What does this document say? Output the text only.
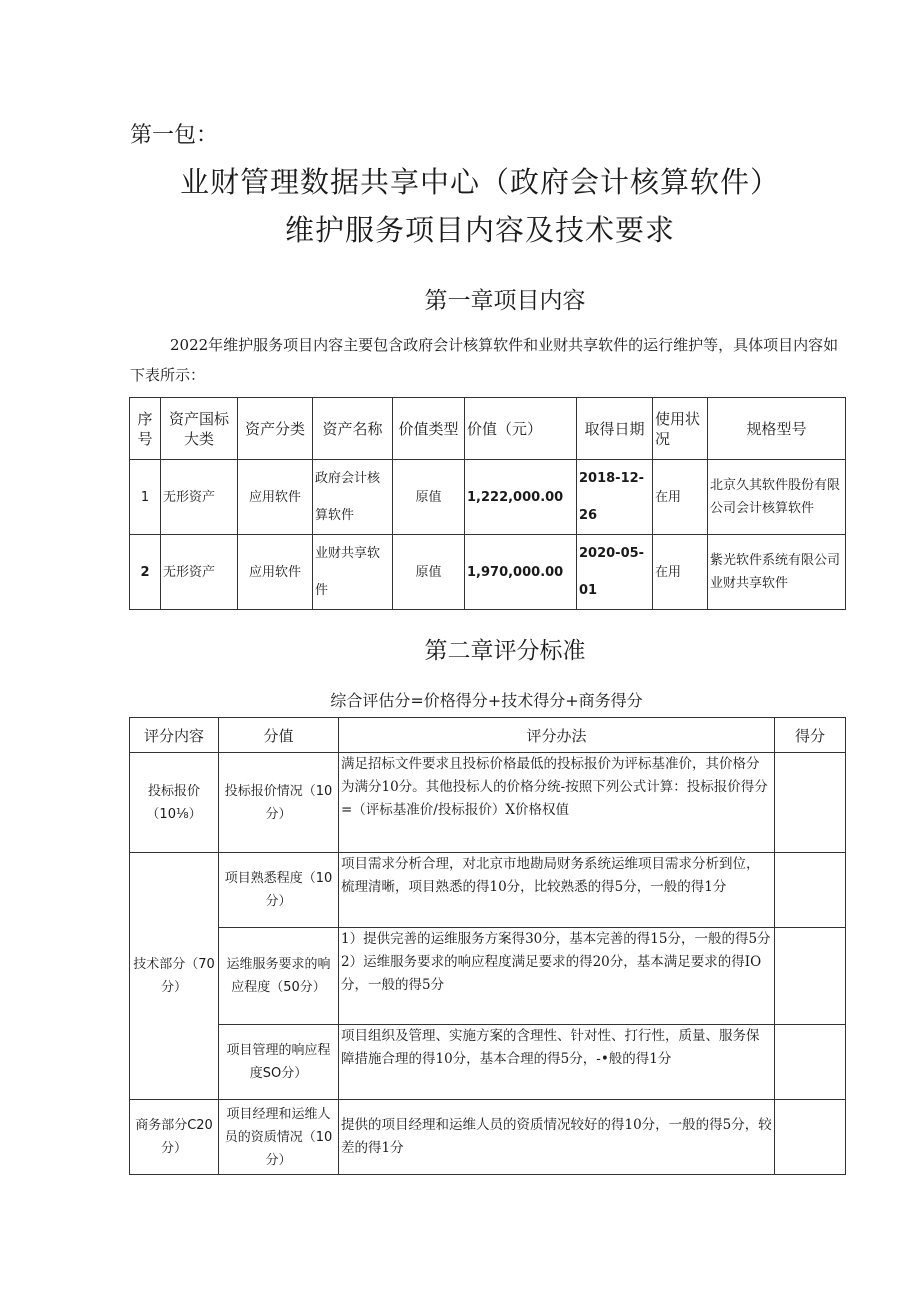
第一包：
业财管理数据共享中心（政府会计核算软件）
维护服务项目内容及技术要求
第一章项目内容
2022年维护服务项目内容主要包含政府会计核算软件和业财共享软件的运行维护等，具体项目内容如下表所示：
序号	资产国标大类	资产分类	资产名称	价值类型	价值（元）	取得日期	使用状况	规格型号
1	无形资产	应用软件	政府会计核算软件	原值	1,222,000.00	2018-12-26	在用	北京久其软件股份有限公司会计核算软件
2	无形资产	应用软件	业财共享软件	原值	1,970,000.00	2020-05-01	在用	紫光软件系统有限公司业财共享软件
第二章评分标准
综合评估分=价格得分+技术得分+商务得分
评分内容	分值	评分办法	得分
投标报价（10⅛）	投标报价情况（10分）	满足招标文件要求且投标价格最低的投标报价为评标基准价，其价格分为满分10分。其他投标人的价格分统-按照下列公式计算：投标报价得分=（评标基准价/投标报价）X价格权值	
技术部分（70分）	项目熟悉程度（10分）	项目需求分析合理，对北京市地勘局财务系统运维项目需求分析到位，梳理清晰，项目熟悉的得10分，比较熟悉的得5分，一般的得1分	
	运维服务要求的响应程度（50分）	1）提供完善的运维服务方案得30分，基本完善的得15分，一般的得5分 2）运维服务要求的响应程度满足要求的得20分，基本满足要求的得IO分，一般的得5分	
	项目管理的响应程度SO分）	项目组织及管理、实施方案的含理性、针对性、打行性，质量、服务保障措施合理的得10分，基本合理的得5分，-•般的得1分	
商务部分C20分）	项目经理和运维人员的资质情况（10分）	提供的项目经理和运维人员的资质情况较好的得10分，一般的得5分，较差的得1分	
